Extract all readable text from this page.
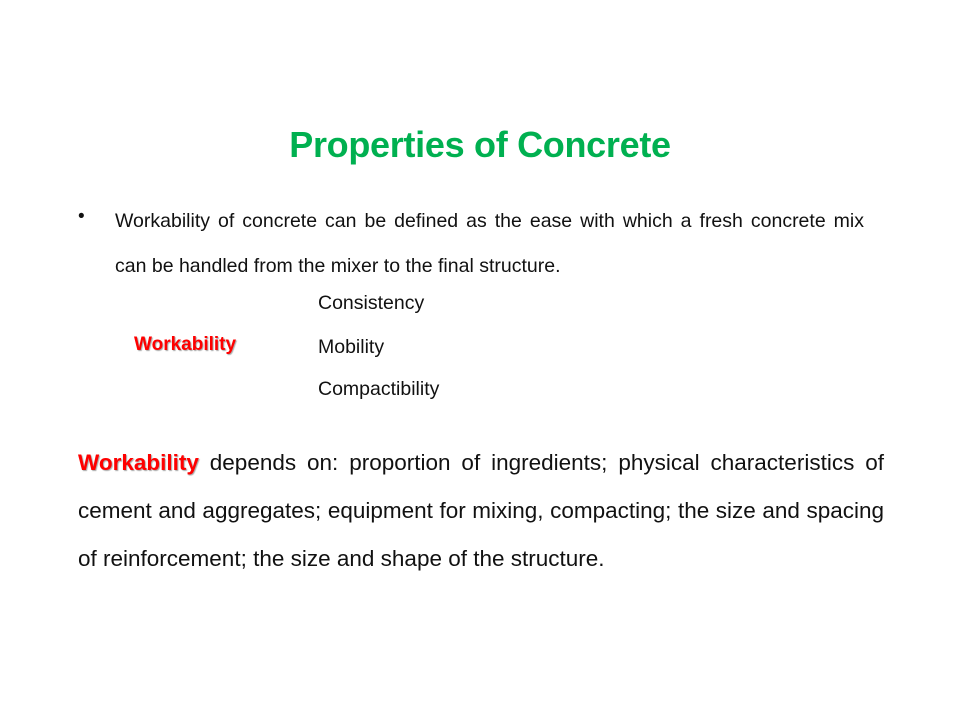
Properties of Concrete
• Workability of concrete can be defined as the ease with which a fresh concrete mix can be handled from the mixer to the final structure.
Workability
Consistency
Mobility
Compactibility
Workability depends on: proportion of ingredients; physical characteristics of cement and aggregates; equipment for mixing, compacting; the size and spacing of reinforcement; the size and shape of the structure.
